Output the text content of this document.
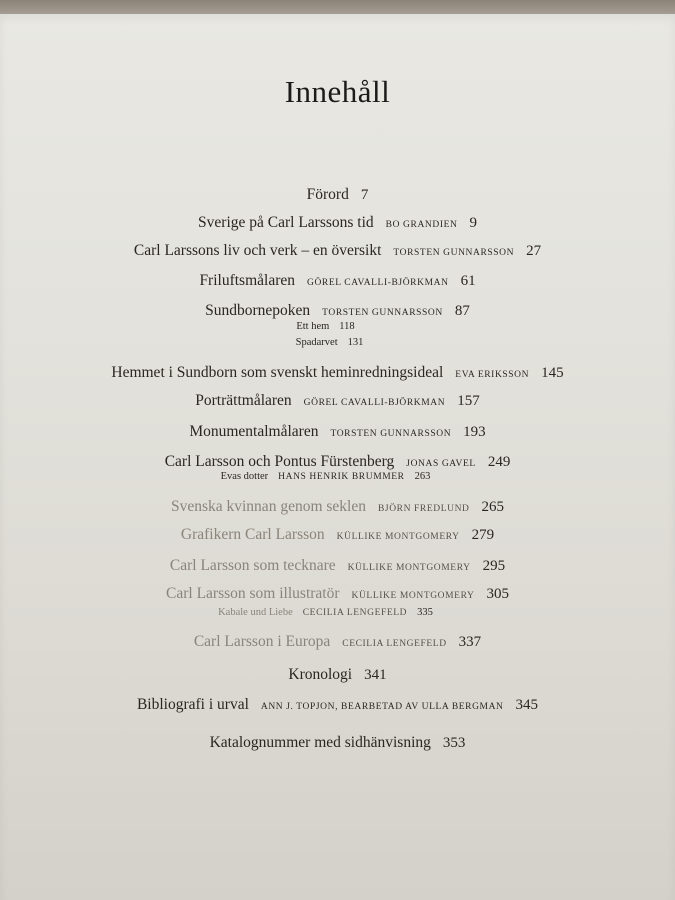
Innehåll
Förord 7
Sverige på Carl Larssons tid BO GRANDIEN 9
Carl Larssons liv och verk – en översikt TORSTEN GUNNARSSON 27
Friluftsmålaren GÖREL CAVALLI-BJÖRKMAN 61
Sundbornepoken TORSTEN GUNNARSSON 87
Ett hem 118
Spadarvet 131
Hemmet i Sundborn som svenskt heminredningsideal EVA ERIKSSON 145
Porträttmålaren GÖREL CAVALLI-BJÖRKMAN 157
Monumentalmålaren TORSTEN GUNNARSSON 193
Carl Larsson och Pontus Fürstenberg JONAS GAVEL 249
Evas dotter HANS HENRIK BRUMMER 263
Svenska kvinnan genom seklen BJÖRN FREDLUND 265
Grafikern Carl Larsson KÜLLIKE MONTGOMERY 279
Carl Larsson som tecknare KÜLLIKE MONTGOMERY 295
Carl Larsson som illustratör KÜLLIKE MONTGOMERY 305
Kabale und Liebe CECILIA LENGEFELD 335
Carl Larsson i Europa CECILIA LENGEFELD 337
Kronologi 341
Bibliografi i urval ANN J. TOPJON, BEARBETAD AV ULLA BERGMAN 345
Katalognummer med sidhänvisning 353
